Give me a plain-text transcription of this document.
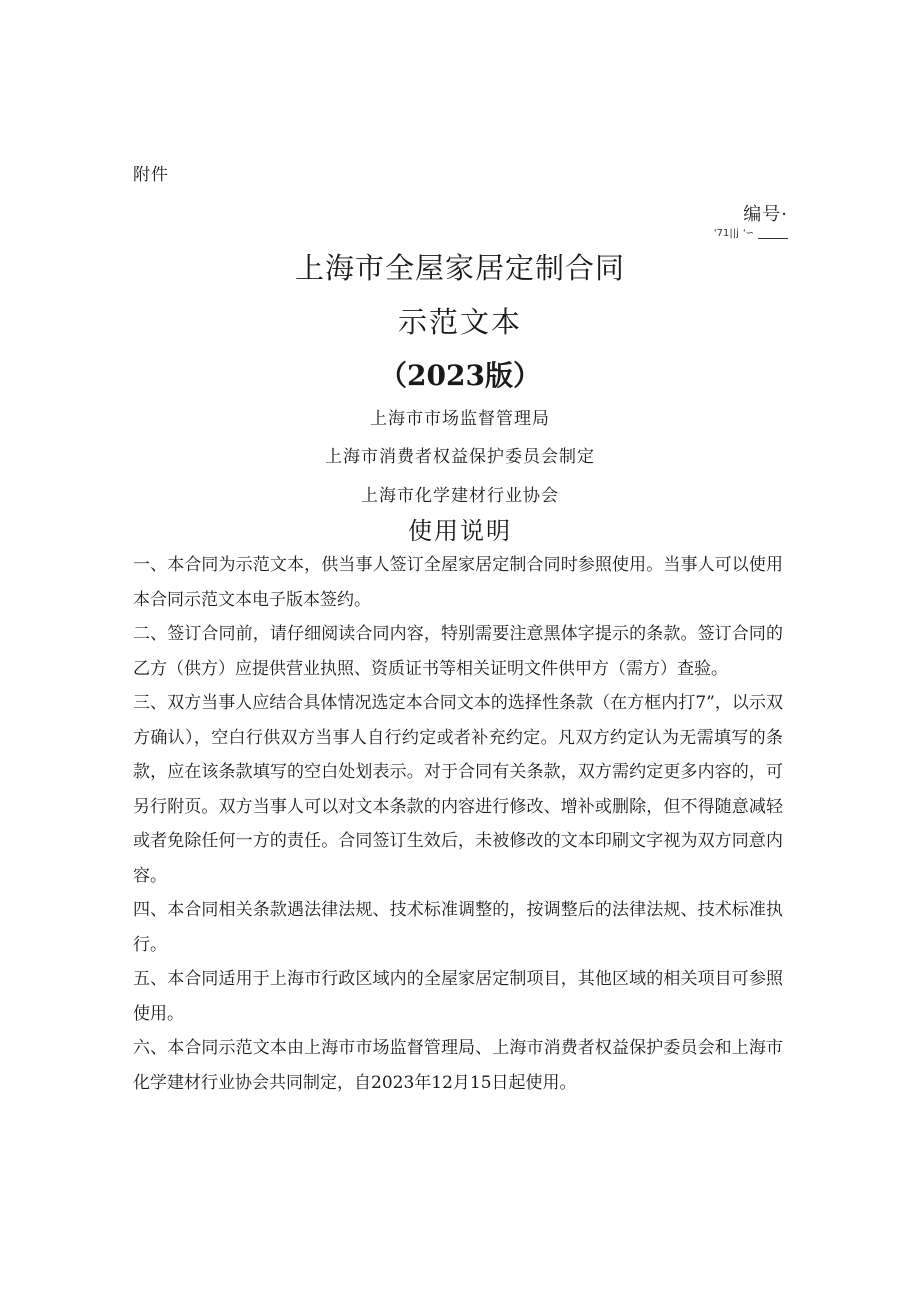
附件
编号·
'71||j '∽
上海市全屋家居定制合同
示范文本
（2023版）
上海市市场监督管理局
上海市消费者权益保护委员会制定
上海市化学建材行业协会
使用说明

一、本合同为示范文本，供当事人签订全屋家居定制合同时参照使用。当事人可以使用本合同示范文本电子版本签约。

二、签订合同前，请仔细阅读合同内容，特别需要注意黑体字提示的条款。签订合同的乙方（供方）应提供营业执照、资质证书等相关证明文件供甲方（需方）查验。

三、双方当事人应结合具体情况选定本合同文本的选择性条款（在方框内打7”，以示双方确认），空白行供双方当事人自行约定或者补充约定。凡双方约定认为无需填写的条款，应在该条款填写的空白处划表示。对于合同有关条款，双方需约定更多内容的，可另行附页。双方当事人可以对文本条款的内容进行修改、增补或删除，但不得随意减轻或者免除任何一方的责任。合同签订生效后，未被修改的文本印刷文字视为双方同意内容。

四、本合同相关条款遇法律法规、技术标准调整的，按调整后的法律法规、技术标准执行。

五、本合同适用于上海市行政区域内的全屋家居定制项目，其他区域的相关项目可参照使用。

六、本合同示范文本由上海市市场监督管理局、上海市消费者权益保护委员会和上海市化学建材行业协会共同制定，自2023年12月15日起使用。
